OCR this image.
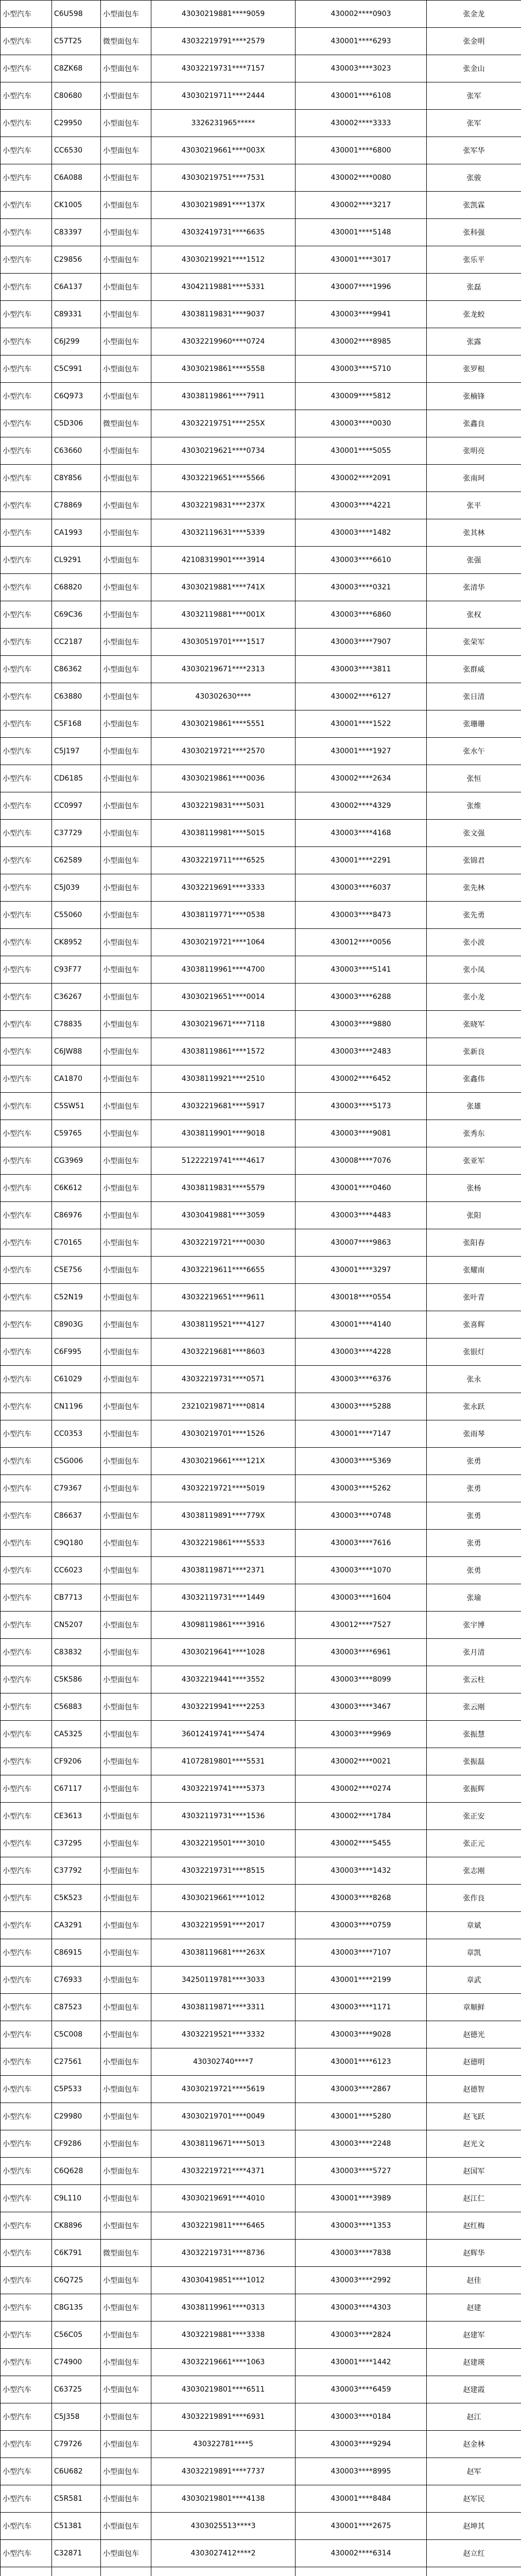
小型汽车	C6U598	小型面包车	43030219881****9059	430002****0903	张金龙
小型汽车	C57T25	微型面包车	43032219791****2579	430001****6293	张金明
小型汽车	C8ZK68	小型面包车	43032219731****7157	430003****3023	张金山
小型汽车	C80680	小型面包车	43030219711****2444	430001****6108	张军
小型汽车	C29950	小型面包车	3326231965*****	430002****3333	张军
小型汽车	CC6530	小型面包车	43030219661****003X	430001****6800	张军华
小型汽车	C6A088	小型面包车	43030219751****7531	430002****0080	张骏
小型汽车	CK1005	小型面包车	43030219891****137X	430002****3217	张凯霖
小型汽车	C83397	小型面包车	43032419731****6635	430001****5148	张科强
小型汽车	C29856	小型面包车	43030219921****1512	430001****3017	张乐平
小型汽车	C6A137	小型面包车	43042119881****5331	430007****1996	张磊
小型汽车	C89331	小型面包车	43038119831****9037	430003****9941	张龙蛟
小型汽车	C6J299	小型面包车	43032219960****0724	430002****8985	张露
小型汽车	C5C991	小型面包车	43030219861****5558	430003****5710	张罗根
小型汽车	C6Q973	小型面包车	43038119861****7911	430009****5812	张楠锋
小型汽车	C5D306	微型面包车	43032219751****255X	430003****0030	张鑫良
小型汽车	C63660	小型面包车	43030219621****0734	430001****5055	张明亮
小型汽车	C8Y856	小型面包车	43032219651****5566	430002****2091	张南珂
小型汽车	C78869	小型面包车	43032219831****237X	430003****4221	张平
小型汽车	CA1993	小型面包车	43032119631****5339	430003****1482	张其林
小型汽车	CL9291	小型面包车	42108319901****3914	430003****6610	张强
小型汽车	C68820	小型面包车	43030219881****741X	430003****0321	张清华
小型汽车	C69C36	小型面包车	43032119881****001X	430003****6860	张权
小型汽车	CC2187	小型面包车	43030519701****1517	430003****7907	张荣军
小型汽车	C86362	小型面包车	43030219671****2313	430003****3811	张群威
小型汽车	C63880	小型面包车	430302630****	430002****6127	张日清
小型汽车	C5F168	小型面包车	43030219861****5551	430001****1522	张珊珊
小型汽车	C5J197	小型面包车	43030219721****2570	430001****1927	张水午
小型汽车	CD6185	小型面包车	43030219861****0036	430002****2634	张恒
小型汽车	CC0997	小型面包车	43032219831****5031	430002****4329	张维
小型汽车	C37729	小型面包车	43038119981****5015	430003****4168	张文强
小型汽车	C62589	小型面包车	43032219711****6525	430001****2291	张锦君
小型汽车	C5J039	小型面包车	43032219691****3333	430003****6037	张先林
小型汽车	C55060	小型面包车	43038119771****0538	430003****8473	张先勇
小型汽车	CK8952	小型面包车	43030219721****1064	430012****0056	张小波
小型汽车	C93F77	小型面包车	43038119961****4700	430003****5141	张小凤
小型汽车	C36267	小型面包车	43030219651****0014	430003****6288	张小龙
小型汽车	C78835	小型面包车	43030219671****7118	430003****9880	张晓军
小型汽车	C6JW88	小型面包车	43038119861****1572	430003****2483	张新良
小型汽车	CA1870	小型面包车	43038119921****2510	430002****6452	张鑫伟
小型汽车	C5SW51	小型面包车	43032219681****5917	430003****5173	张雄
小型汽车	C59765	小型面包车	43038119901****9018	430003****9081	张秀东
小型汽车	CG3969	小型面包车	51222219741****4617	430008****7076	张亚军
小型汽车	C6K612	小型面包车	43038119831****5579	430001****0460	张杨
小型汽车	C86976	小型面包车	43030419881****3059	430003****4483	张阳
小型汽车	C70165	小型面包车	43032219721****0030	430007****9863	张阳春
小型汽车	C5E756	小型面包车	43032219611****6655	430001****3297	张耀南
小型汽车	C52N19	小型面包车	43032219651****9611	430018****0554	张叶青
小型汽车	C8903G	小型面包车	43038119521****4127	430001****4140	张喜辉
小型汽车	C6F995	小型面包车	43032219681****8603	430003****4228	张银灯
小型汽车	C61029	小型面包车	43032219731****0571	430003****6376	张永
小型汽车	CN1196	小型面包车	23210219871****0814	430003****5288	张永跃
小型汽车	CC0353	小型面包车	43030219701****1526	430001****7147	张雨琴
小型汽车	C5G006	小型面包车	43030219661****121X	430003****5369	张勇
小型汽车	C79367	小型面包车	43032219721****5019	430003****5262	张勇
小型汽车	C86637	小型面包车	43038119891****779X	430003****0748	张勇
小型汽车	C9Q180	小型面包车	43032219861****5533	430003****7616	张勇
小型汽车	CC6023	小型面包车	43038119871****2371	430003****1070	张勇
小型汽车	CB7713	小型面包车	43032119731****1449	430003****1604	张瑜
小型汽车	CN5207	小型面包车	43098119861****3916	430012****7527	张宇博
小型汽车	C83832	小型面包车	43030219641****1028	430003****6961	张月清
小型汽车	C5K586	小型面包车	43032219441****3552	430003****8099	张云柱
小型汽车	C56883	小型面包车	43032219941****2253	430003****3467	张云刚
小型汽车	CA5325	小型面包车	36012419741****5474	430003****9969	张振慧
小型汽车	CF9206	小型面包车	41072819801****5531	430002****0021	张振磊
小型汽车	C67117	小型面包车	43032219741****5373	430002****0274	张振辉
小型汽车	CE3613	小型面包车	43032119731****1536	430002****1784	张正安
小型汽车	C37295	小型面包车	43032219501****3010	430002****5455	张正元
小型汽车	C37792	小型面包车	43032219731****8515	430003****1432	张志刚
小型汽车	C5K523	小型面包车	43030219661****1012	430003****8268	张作良
小型汽车	CA3291	小型面包车	43032219591****2017	430003****0759	章斌
小型汽车	C86915	小型面包车	43038119681****263X	430003****7107	章凯
小型汽车	C76933	小型面包车	34250119781****3033	430001****2199	章武
小型汽车	C87523	小型面包车	43038119871****3311	430003****1171	章顺鲜
小型汽车	C5C008	小型面包车	43032219521****3332	430003****9028	赵德光
小型汽车	C27561	小型面包车	430302740****7	430001****6123	赵德明
小型汽车	C5P533	小型面包车	43030219721****5619	430003****2867	赵德智
小型汽车	C29980	小型面包车	43030219701****0049	430001****5280	赵飞跃
小型汽车	CF9286	小型面包车	43038119671****5013	430003****2248	赵光文
小型汽车	C6Q628	小型面包车	43032219721****4371	430003****5727	赵国军
小型汽车	C9L110	小型面包车	43030219691****4010	430001****3989	赵江仁
小型汽车	CK8896	小型面包车	43032219811****6465	430003****1353	赵红梅
小型汽车	C6K791	微型面包车	43032219731****8736	430003****7838	赵辉华
小型汽车	C6Q725	小型面包车	43030419851****1012	430003****2992	赵佳
小型汽车	C8G135	小型面包车	43038119961****0313	430003****4303	赵建
小型汽车	C56C05	小型面包车	43032219881****3338	430003****2824	赵建军
小型汽车	C74900	小型面包车	43032219661****1063	430001****1442	赵建瑛
小型汽车	C63725	小型面包车	43030219801****6511	430003****6459	赵建霞
小型汽车	C5J358	小型面包车	43032219891****6931	430003****0184	赵江
小型汽车	C79726	小型面包车	430322781****5	430003****9294	赵金林
小型汽车	C6U682	小型面包车	43032219891****7737	430003****8995	赵军
小型汽车	C5R581	小型面包车	43030219801****4138	430001****8484	赵军民
小型汽车	C51381	小型面包车	4303025513****3	430001****2675	赵坤其
小型汽车	C32871	小型面包车	4303027412****2	430002****6314	赵立红
